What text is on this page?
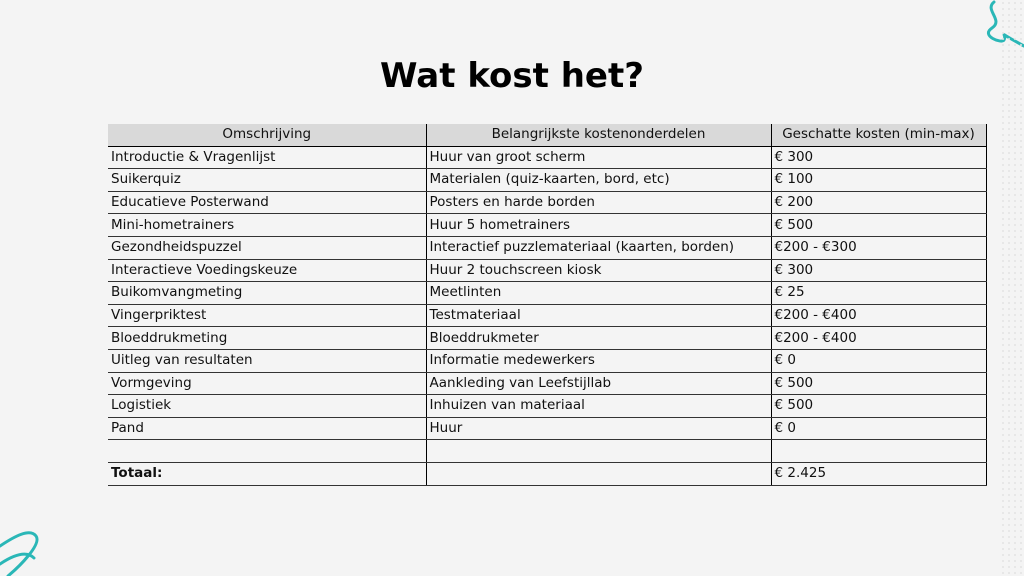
Wat kost het?
Omschrijving	Belangrijkste kostenonderdelen	Geschatte kosten (min-max)
Introductie & Vragenlijst	Huur van groot scherm	€ 300
Suikerquiz	Materialen (quiz-kaarten, bord, etc)	€ 100
Educatieve Posterwand	Posters en harde borden	€ 200
Mini-hometrainers	Huur 5 hometrainers	€ 500
Gezondheidspuzzel	Interactief puzzlemateriaal (kaarten, borden)	€200 - €300
Interactieve Voedingskeuze	Huur 2 touchscreen kiosk	€ 300
Buikomvangmeting	Meetlinten	€ 25
Vingerpriktest	Testmateriaal	€200 - €400
Bloeddrukmeting	Bloeddrukmeter	€200 - €400
Uitleg van resultaten	Informatie medewerkers	€ 0
Vormgeving	Aankleding van Leefstijllab	€ 500
Logistiek	Inhuizen van materiaal	€ 500
Pand	Huur	€ 0

Totaal:		€ 2.425
